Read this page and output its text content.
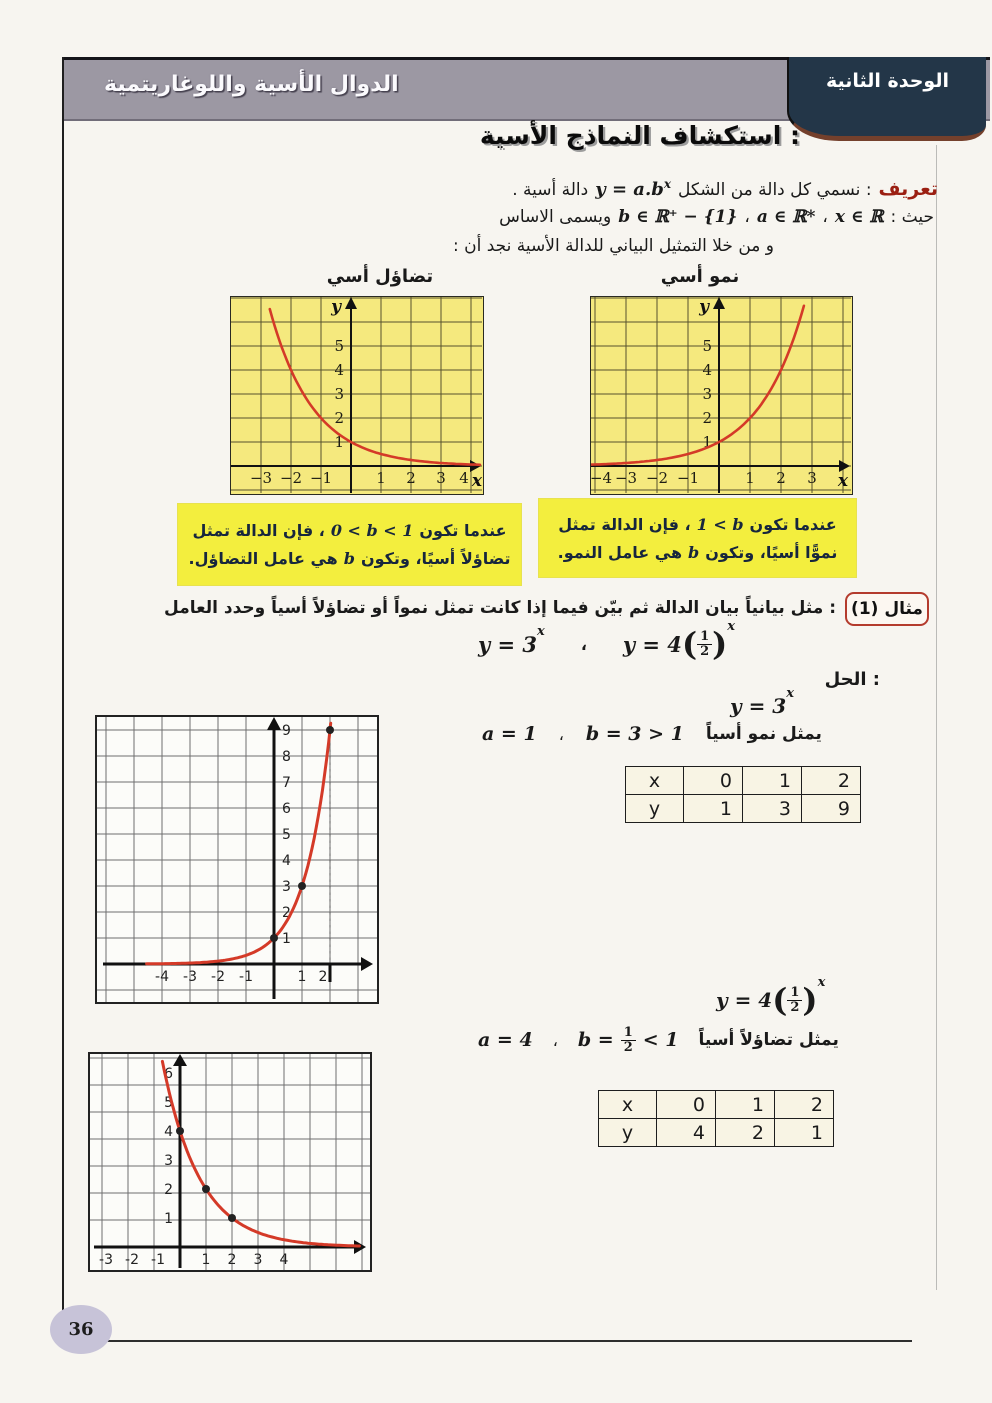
الدوال الأسية واللوغاريتمية	الوحدة الثانية
استكشاف النماذج الأسية :
تعريف
: نسمي كل دالة من الشكل
$y = a.b^x$
دالة أسية .
حيث :
x ∈ ℝ
،
a ∈ ℝ*
،
b ∈ ℝ⁺ − {1}
ويسمى الاساس
و من خلا التمثيل البياني للدالة الأسية نجد أن :
تضاؤل أسي	نمو أسي
y
x
5
4
3
2
1
−3 −2 −1	1 2 3 4
y
x
5
4
3
2
1
−4 −3 −2 −1	1 2 3
عندما تكون
0 < b < 1
، فإن الدالة تمثل
تضاؤلاً أسيًا، وتكون
b
هي عامل التضاؤل.
عندما تكون
1 < b
، فإن الدالة تمثل
نموًّا أسيًا، وتكون
b
هي عامل النمو.
مثال (1)
مثل بيانياً بيان الدالة ثم بيّن فيما إذا كانت تمثل نمواً أو تضاؤلاً أسياً وحدد العامل :
y = 3
x
، y = 4 ( $\frac{1}{2}$ ) x
الحل :
y = 3
x
a = 1 ، b = 3 > 1 يمثل نمو أسياً
x	0	1	2
y	1	3	9
9
8
7
6
5
4
3
2
1
-4 -3 -2 -1	1 2
y = 4 ( $\frac{1}{2}$ ) x
a = 4 ، $b = \frac{1}{2} < 1$ يمثل تضاؤلاً أسياً
x	0	1	2
y	4	2	1
6
5
4
3
2
1
-3 -2 -1	1 2 3 4
36
